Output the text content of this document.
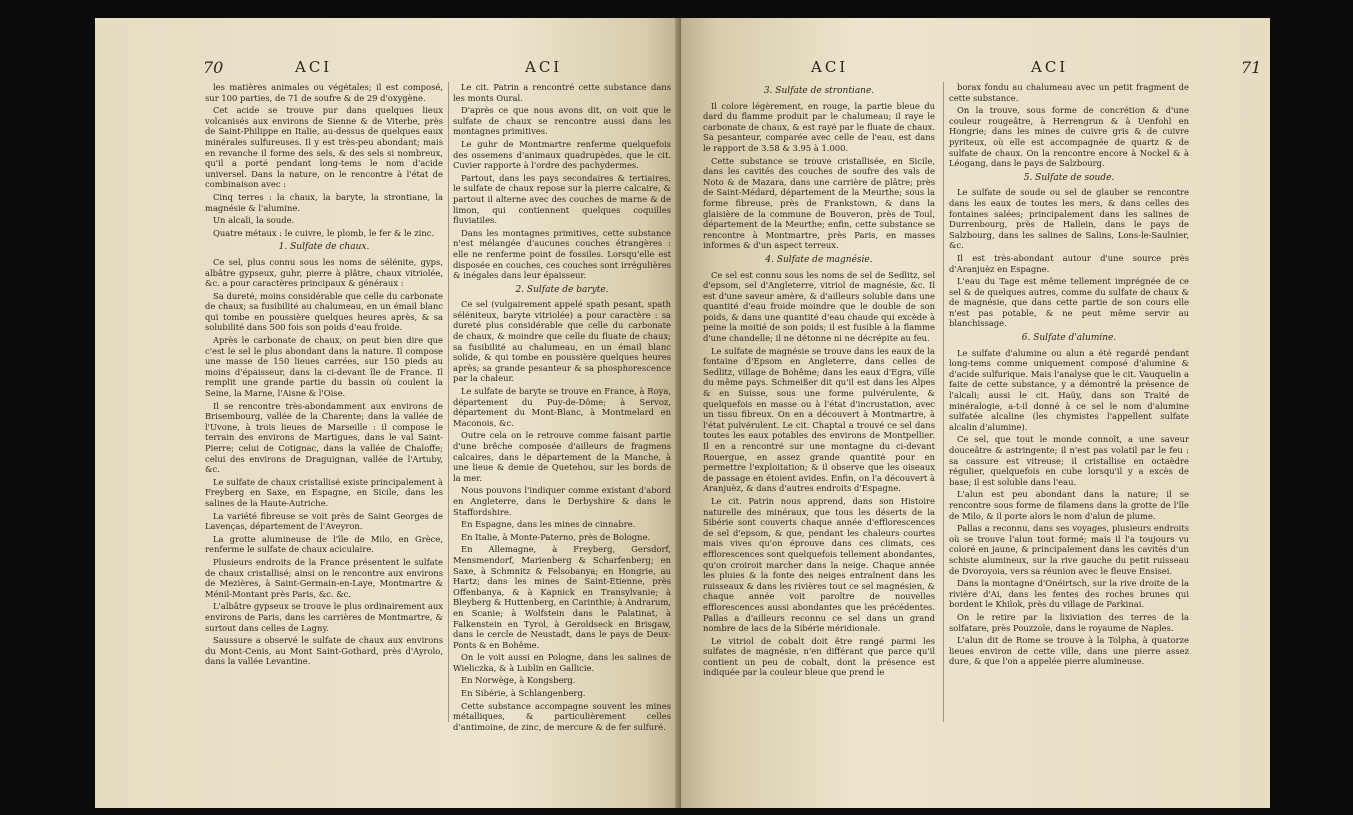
70	ACI	ACI

les matières animales ou végétales; il est composé, sur 100 parties, de 71 de soufre & de 29 d'oxygène.

Cet acide se trouve pur dans quelques lieux volcanisés aux environs de Sienne & de Viterbe, près de Saint-Philippe en Italie, au-dessus de quelques eaux minérales sulfureuses. Il y est très-peu abondant; mais en revanche il forme des sels, & des sels si nombreux, qu'il a porté pendant long-tems le nom d'acide universel. Dans la nature, on le rencontre à l'état de combinaison avec :

Cinq terres : la chaux, la baryte, la strontiane, la magnésie & l'alumine.

Un alcali, la soude.

Quatre métaux : le cuivre, le plomb, le fer & le zinc.

1. Sulfate de chaux.

Ce sel, plus connu sous les noms de sélénite, gyps, albâtre gypseux, guhr, pierre à plâtre, chaux vitriolée, &c. a pour caractères principaux & généraux :

Sa dureté, moins considérable que celle du carbonate de chaux; sa fusibilité au chalumeau, en un émail blanc qui tombe en poussière quelques heures après, & sa solubilité dans 500 fois son poids d'eau froide.

Après le carbonate de chaux, on peut bien dire que c'est le sel le plus abondant dans la nature. Il compose une masse de 150 lieues carrées, sur 150 pieds au moins d'épaisseur, dans la ci-devant île de France. Il remplit une grande partie du bassin où coulent la Seine, la Marne, l'Aisne & l'Oise.

Il se rencontre très-abondamment aux environs de Brisembourg, vallée de la Charente; dans la vallée de l'Uvone, à trois lieues de Marseille : il compose le terrain des environs de Martigues, dans le val Saint-Pierre; celui de Cotignac, dans la vallée de Chaloffe; celui des environs de Draguignan, vallée de l'Artuby, &c.

Le sulfate de chaux cristallisé existe principalement à Freyberg en Saxe, en Espagne, en Sicile, dans les salines de la Haute-Autriche.

La variété fibreuse se voit près de Saint Georges de Lavenças, département de l'Aveyron.

La grotte alumineuse de l'île de Milo, en Grèce, renferme le sulfate de chaux aciculaire.

Plusieurs endroits de la France présentent le sulfate de chaux cristallisé; ainsi on le rencontre aux environs de Mezières, à Saint-Germain-en-Laye, Montmartre & Ménil-Montant près Paris, &c. &c.

L'albâtre gypseux se trouve le plus ordinairement aux environs de Paris, dans les carrières de Montmartre, & surtout dans celles de Lagny.

Saussure a observé le sulfate de chaux aux environs du Mont-Cenis, au Mont Saint-Gothard, près d'Ayrolo, dans la vallée Levantine.

Le cit. Patrin a rencontré cette substance dans les monts Oural.

D'après ce que nous avons dit, on voit que le sulfate de chaux se rencontre aussi dans les montagnes primitives.

Le guhr de Montmartre renferme quelquefois des ossemens d'animaux quadrupèdes, que le cit. Cuvier rapporte à l'ordre des pachydermes.

Partout, dans les pays secondaires & tertiaires, le sulfate de chaux repose sur la pierre calcaire, & partout il alterne avec des couches de marne & de limon, qui contiennent quelques coquilles fluviatiles.

Dans les montagnes primitives, cette substance n'est mélangée d'aucunes couches étrangères : elle ne renferme point de fossiles. Lorsqu'elle est disposée en couches, ces couches sont irrégulières & inégales dans leur épaisseur.

2. Sulfate de baryte.

Ce sel (vulgairement appelé spath pesant, spath séléniteux, baryte vitriolée) a pour caractère : sa dureté plus considérable que celle du carbonate de chaux, & moindre que celle du fluate de chaux; sa fusibilité au chalumeau, en un émail blanc solide, & qui tombe en poussière quelques heures après; sa grande pesanteur & sa phosphorescence par la chaleur.

Le sulfate de baryte se trouve en France, à Roya, département du Puy-de-Dôme; à Servoz, département du Mont-Blanc, à Montmelard en Maconois, &c.

Outre cela on le retrouve comme faisant partie d'une brêche composée d'ailleurs de fragmens calcaires, dans le département de la Manche, à une lieue & demie de Quetehou, sur les bords de la mer.

Nous pouvons l'indiquer comme existant d'abord en Angleterre, dans le Derbyshire & dans le Staffordshire.

En Espagne, dans les mines de cinnabre.

En Italie, à Monte-Paterno, près de Bologne.

En Allemagne, à Freyberg, Gersdorf, Mensmendorf, Marienberg & Scharfenberg; en Saxe, à Schmnitz & Felsobanya; en Hongrie, au Hartz; dans les mines de Saint-Etienne, près Offenbanya, & à Kapnick en Transylvanie; à Bleyberg & Huttenberg, en Carinthie; à Andrarum, en Scanie; à Wolfstein dans le Palatinat, à Falkenstein en Tyrol, à Geroldseck en Brisgaw, dans le cercle de Neustadt, dans le pays de Deux-Ponts & en Bohême.

On le voit aussi en Pologne, dans les salines de Wieliczka, & à Lublin en Gallicie.

En Norwège, à Kongsberg.

En Sibérie, à Schlangenberg.

Cette substance accompagne souvent les mines métalliques, & particulièrement celles d'antimoine, de zinc, de mercure & de fer sulfuré.

ACI	ACI	71
3. Sulfate de strontiane.

Il colore légèrement, en rouge, la partie bleue du dard du flamme produit par le chalumeau; il raye le carbonate de chaux, & est rayé par le fluate de chaux. Sa pesanteur, comparée avec celle de l'eau, est dans le rapport de 3.58 & 3.95 à 1.000.

Cette substance se trouve cristallisée, en Sicile, dans les cavités des couches de soufre des vals de Noto & de Mazara, dans une carrière de plâtre; près de Saint-Médard, département de la Meurthe; sous la forme fibreuse, près de Frankstown, & dans la glaisière de la commune de Bouveron, près de Toul, département de la Meurthe; enfin, cette substance se rencontre à Montmartre, près Paris, en masses informes & d'un aspect terreux.

4. Sulfate de magnésie.

Ce sel est connu sous les noms de sel de Sedlitz, sel d'epsom, sel d'Angleterre, vitriol de magnésie, &c. Il est d'une saveur amère, & d'ailleurs soluble dans une quantité d'eau froide moindre que le double de son poids, & dans une quantité d'eau chaude qui excède à peine la moitié de son poids; il est fusible à la flamme d'une chandelle; il ne détonne ni ne décrépite au feu.

Le sulfate de magnésie se trouve dans les eaux de la fontaine d'Epsom en Angleterre, dans celles de Sedlitz, village de Bohême; dans les eaux d'Egra, ville du même pays. Schmeißer dit qu'il est dans les Alpes & en Suisse, sous une forme pulvérulente, & quelquefois en masse ou à l'état d'incrustation, avec un tissu fibreux. On en a découvert à Montmartre, à l'état pulvérulent. Le cit. Chaptal a trouvé ce sel dans toutes les eaux potables des environs de Montpellier. Il en a rencontré sur une montagne du ci-devant Rouergue, en assez grande quantité pour en permettre l'exploitation; & il observe que les oiseaux de passage en étoient avides. Enfin, on l'a découvert à Aranjuèz, & dans d'autres endroits d'Espagne.

Le cit. Patrin nous apprend, dans son Histoire naturelle des minéraux, que tous les déserts de la Sibérie sont couverts chaque année d'efflorescences de sel d'epsom, & que, pendant les chaleurs courtes mais vives qu'on éprouve dans ces climats, ces efflorescences sont quelquefois tellement abondantes, qu'on croiroit marcher dans la neige. Chaque année les pluies & la fonte des neiges entraînent dans les ruisseaux & dans les rivières tout ce sel magnésien, & chaque année voit paroître de nouvelles efflorescences aussi abondantes que les précédentes. Pallas a d'ailleurs reconnu ce sel dans un grand nombre de lacs de la Sibérie méridionale.

Le vitriol de cobalt doit être rangé parmi les sulfates de magnésie, n'en différant que parce qu'il contient un peu de cobalt, dont la présence est indiquée par la couleur bleue que prend le

borax fondu au chalumeau avec un petit fragment de cette substance.

On la trouve, sous forme de concrétion & d'une couleur rougeâtre, à Herrengrun & à Uenfohl en Hongrie; dans les mines de cuivre gris & de cuivre pyriteux, où elle est accompagnée de quartz & de sulfate de chaux. On la rencontre encore à Nockel & à Léogang, dans le pays de Salzbourg.

5. Sulfate de soude.

Le sulfate de soude ou sel de glauber se rencontre dans les eaux de toutes les mers, & dans celles des fontaines salées; principalement dans les salines de Durrenbourg, près de Hallein, dans le pays de Salzbourg, dans les salines de Salins, Lons-le-Saulnier, &c.

Il est très-abondant autour d'une source près d'Aranjuèz en Espagne.

L'eau du Tage est même tellement imprégnée de ce sel & de quelques autres, comme du sulfate de chaux & de magnésie, que dans cette partie de son cours elle n'est pas potable, & ne peut même servir au blanchissage.

6. Sulfate d'alumine.

Le sulfate d'alumine ou alun a été regardé pendant long-tems comme uniquement composé d'alumine & d'acide sulfurique. Mais l'analyse que le cit. Vauquelin a faite de cette substance, y a démontré la présence de l'alcali; aussi le cit. Haüy, dans son Traité de minéralogie, a-t-il donné à ce sel le nom d'alumine sulfatée alcaline (les chymistes l'appellent sulfate alcalin d'alumine).

Ce sel, que tout le monde connoît, a une saveur douceâtre & astringente; il n'est pas volatil par le feu : sa cassure est vitreuse; il cristallise en octaèdre régulier, quelquefois en cube lorsqu'il y a excès de base; il est soluble dans l'eau.

L'alun est peu abondant dans la nature; il se rencontre sous forme de filamens dans la grotte de l'île de Milo, & il porte alors le nom d'alun de plume.

Pallas a reconnu, dans ses voyages, plusieurs endroits où se trouve l'alun tout formé; mais il l'a toujours vu coloré en jaune, & principalement dans les cavités d'un schiste alumineux, sur la rive gauche du petit ruisseau de Dvoroyoia, vers sa réunion avec le fleuve Ensisei.

Dans la montagne d'Onéirtsch, sur la rive droite de la rivière d'Ai, dans les fentes des roches brunes qui bordent le Khilok, près du village de Parkinai.

On le retire par la lixiviation des terres de la solfatare, près Pouzzole, dans le royaume de Naples.

L'alun dit de Rome se trouve à la Tolpha, à quatorze lieues environ de cette ville, dans une pierre assez dure, & que l'on a appelée pierre alumineuse.
